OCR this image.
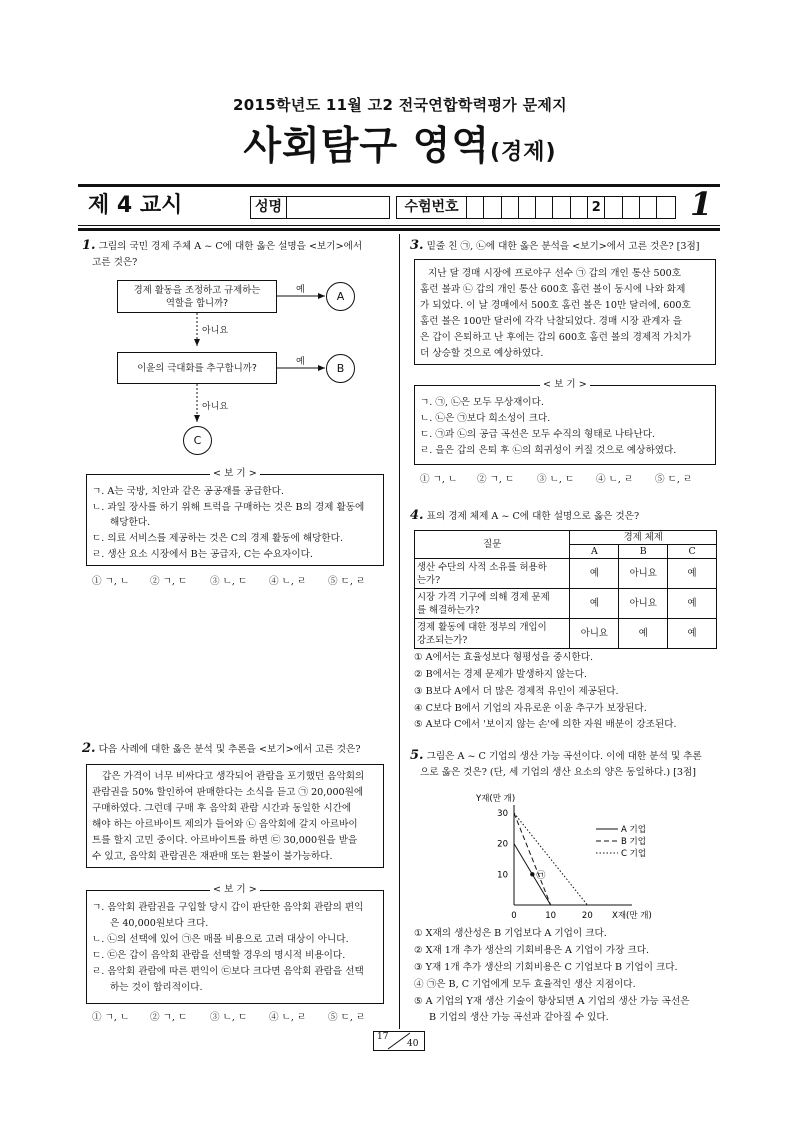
2015학년도 11월 고2 전국연합학력평가 문제지
사회탐구 영역(경제)
제 4 교시	성명	수험번호	2	1
1. 그림의 국민 경제 주체 A ~ C에 대한 옳은 설명을 <보기>에서
고른 것은?
경제 활동을 조정하고 규제하는
역할을 합니까?
예	A
아니요
이윤의 극대화를 추구합니까?
예	B
아니요
C
< 보 기 >
ㄱ. A는 국방, 치안과 같은 공공재를 공급한다.
ㄴ. 과일 장사를 하기 위해 트럭을 구매하는 것은 B의 경제 활동에
해당한다.
ㄷ. 의료 서비스를 제공하는 것은 C의 경제 활동에 해당한다.
ㄹ. 생산 요소 시장에서 B는 공급자, C는 수요자이다.
① ㄱ, ㄴ ② ㄱ, ㄷ ③ ㄴ, ㄷ ④ ㄴ, ㄹ ⑤ ㄷ, ㄹ
2. 다음 사례에 대한 옳은 분석 및 추론을 <보기>에서 고른 것은?
갑은 가격이 너무 비싸다고 생각되어 관람을 포기했던 음악회의
관람권을 50% 할인하여 판매한다는 소식을 듣고 ㉠ 20,000원에
구매하였다. 그런데 구매 후 음악회 관람 시간과 동일한 시간에
해야 하는 아르바이트 제의가 들어와 ㉡ 음악회에 갈지 아르바이
트를 할지 고민 중이다. 아르바이트를 하면 ㉢ 30,000원을 받을
수 있고, 음악회 관람권은 재판매 또는 환불이 불가능하다.
< 보 기 >
ㄱ. 음악회 관람권을 구입할 당시 갑이 판단한 음악회 관람의 편익
은 40,000원보다 크다.
ㄴ. ㉡의 선택에 있어 ㉠은 매몰 비용으로 고려 대상이 아니다.
ㄷ. ㉢은 갑이 음악회 관람을 선택할 경우의 명시적 비용이다.
ㄹ. 음악회 관람에 따른 편익이 ㉢보다 크다면 음악회 관람을 선택
하는 것이 합리적이다.
① ㄱ, ㄴ ② ㄱ, ㄷ ③ ㄴ, ㄷ ④ ㄴ, ㄹ ⑤ ㄷ, ㄹ
3. 밑줄 친 ㉠, ㉡에 대한 옳은 분석을 <보기>에서 고른 것은? [3점]
지난 달 경매 시장에 프로야구 선수 ㉠ 갑의 개인 통산 500호
홈런 볼과 ㉡ 갑의 개인 통산 600호 홈런 볼이 동시에 나와 화제
가 되었다. 이 날 경매에서 500호 홈런 볼은 10만 달러에, 600호
홈런 볼은 100만 달러에 각각 낙찰되었다. 경매 시장 관계자 을
은 갑이 은퇴하고 난 후에는 갑의 600호 홈런 볼의 경제적 가치가
더 상승할 것으로 예상하였다.
< 보 기 >
ㄱ. ㉠, ㉡은 모두 무상재이다.
ㄴ. ㉡은 ㉠보다 희소성이 크다.
ㄷ. ㉠과 ㉡의 공급 곡선은 모두 수직의 형태로 나타난다.
ㄹ. 을은 갑의 은퇴 후 ㉡의 희귀성이 커질 것으로 예상하였다.
① ㄱ, ㄴ ② ㄱ, ㄷ ③ ㄴ, ㄷ ④ ㄴ, ㄹ ⑤ ㄷ, ㄹ
4. 표의 경제 체제 A ~ C에 대한 설명으로 옳은 것은?
질문	경제 체제		
	A	B	C

생산 수단의 사적 소유를 허용하
는가?	예	아니요	예

시장 가격 기구에 의해 경제 문제
를 해결하는가?	예	아니요	예

경제 활동에 대한 정부의 개입이
강조되는가?	아니요	예	예
① A에서는 효율성보다 형평성을 중시한다.
② B에서는 경제 문제가 발생하지 않는다.
③ B보다 A에서 더 많은 경제적 유인이 제공된다.
④ C보다 B에서 기업의 자유로운 이윤 추구가 보장된다.
⑤ A보다 C에서 '보이지 않는 손'에 의한 자원 배분이 강조된다.
5. 그림은 A ~ C 기업의 생산 가능 곡선이다. 이에 대한 분석 및 추론
으로 옳은 것은? (단, 세 기업의 생산 요소의 양은 동일하다.) [3점]
Y재(만 개)
X재(만 개)
0	10	20
10
20
30
A 기업
B 기업
C 기업
㉠
① X재의 생산성은 B 기업보다 A 기업이 크다.
② X재 1개 추가 생산의 기회비용은 A 기업이 가장 크다.
③ Y재 1개 추가 생산의 기회비용은 C 기업보다 B 기업이 크다.
④ ㉠은 B, C 기업에게 모두 효율적인 생산 지점이다.
⑤ A 기업의 Y재 생산 기술이 향상되면 A 기업의 생산 가능 곡선은
B 기업의 생산 가능 곡선과 같아질 수 있다.
17
40
